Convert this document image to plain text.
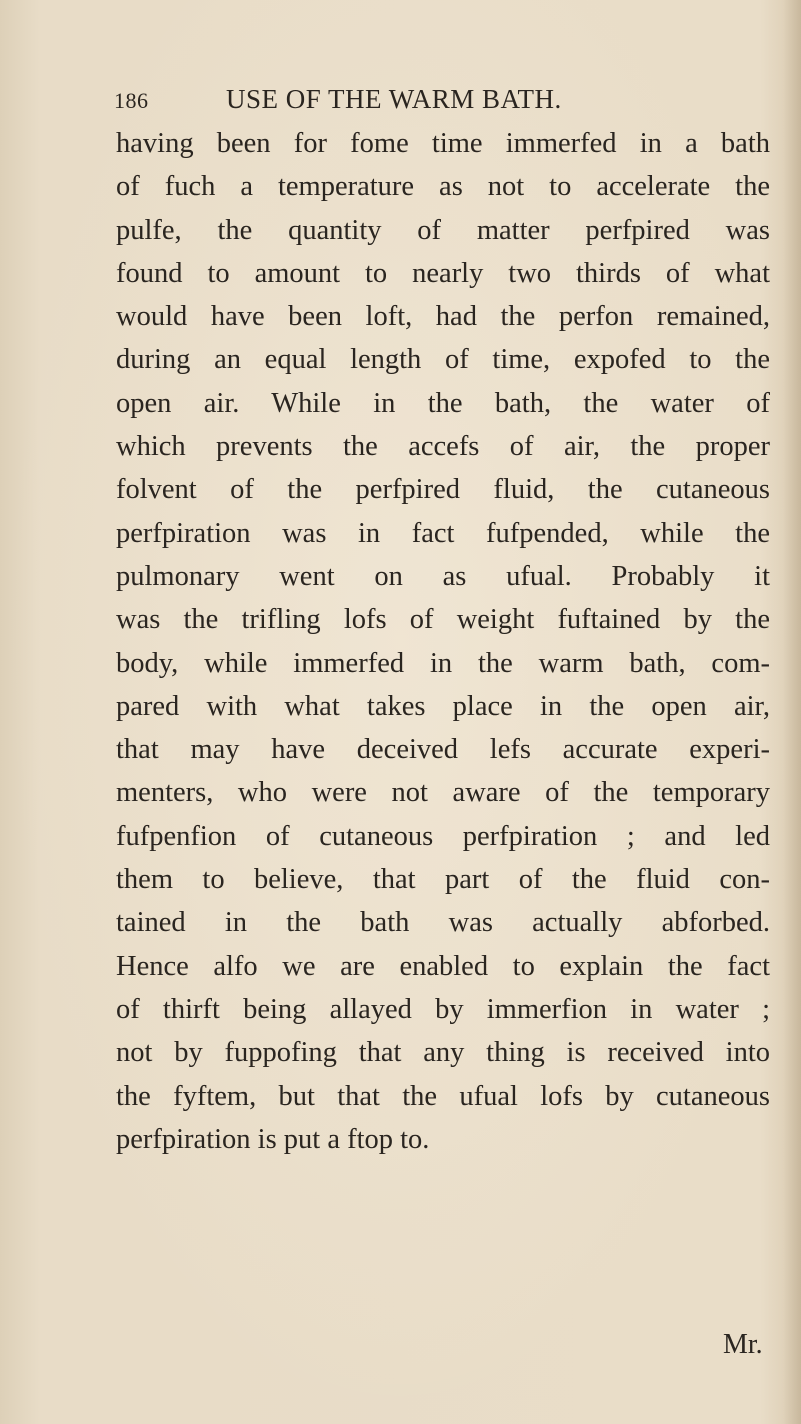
186	USE OF THE WARM BATH.
having been for fome time immerfed in a bath
of fuch a temperature as not to accelerate the
pulfe, the quantity of matter perfpired was
found to amount to nearly two thirds of what
would have been loft, had the perfon remained,
during an equal length of time, expofed to the
open air. While in the bath, the water of
which prevents the accefs of air, the proper
folvent of the perfpired fluid, the cutaneous
perfpiration was in fact fufpended, while the
pulmonary went on as ufual. Probably it
was the trifling lofs of weight fuftained by the
body, while immerfed in the warm bath, com-
pared with what takes place in the open air,
that may have deceived lefs accurate experi-
menters, who were not aware of the temporary
fufpenfion of cutaneous perfpiration ; and led
them to believe, that part of the fluid con-
tained in the bath was actually abforbed.
Hence alfo we are enabled to explain the fact
of thirft being allayed by immerfion in water ;
not by fuppofing that any thing is received into
the fyftem, but that the ufual lofs by cutaneous
perfpiration is put a ftop to.
Mr.
